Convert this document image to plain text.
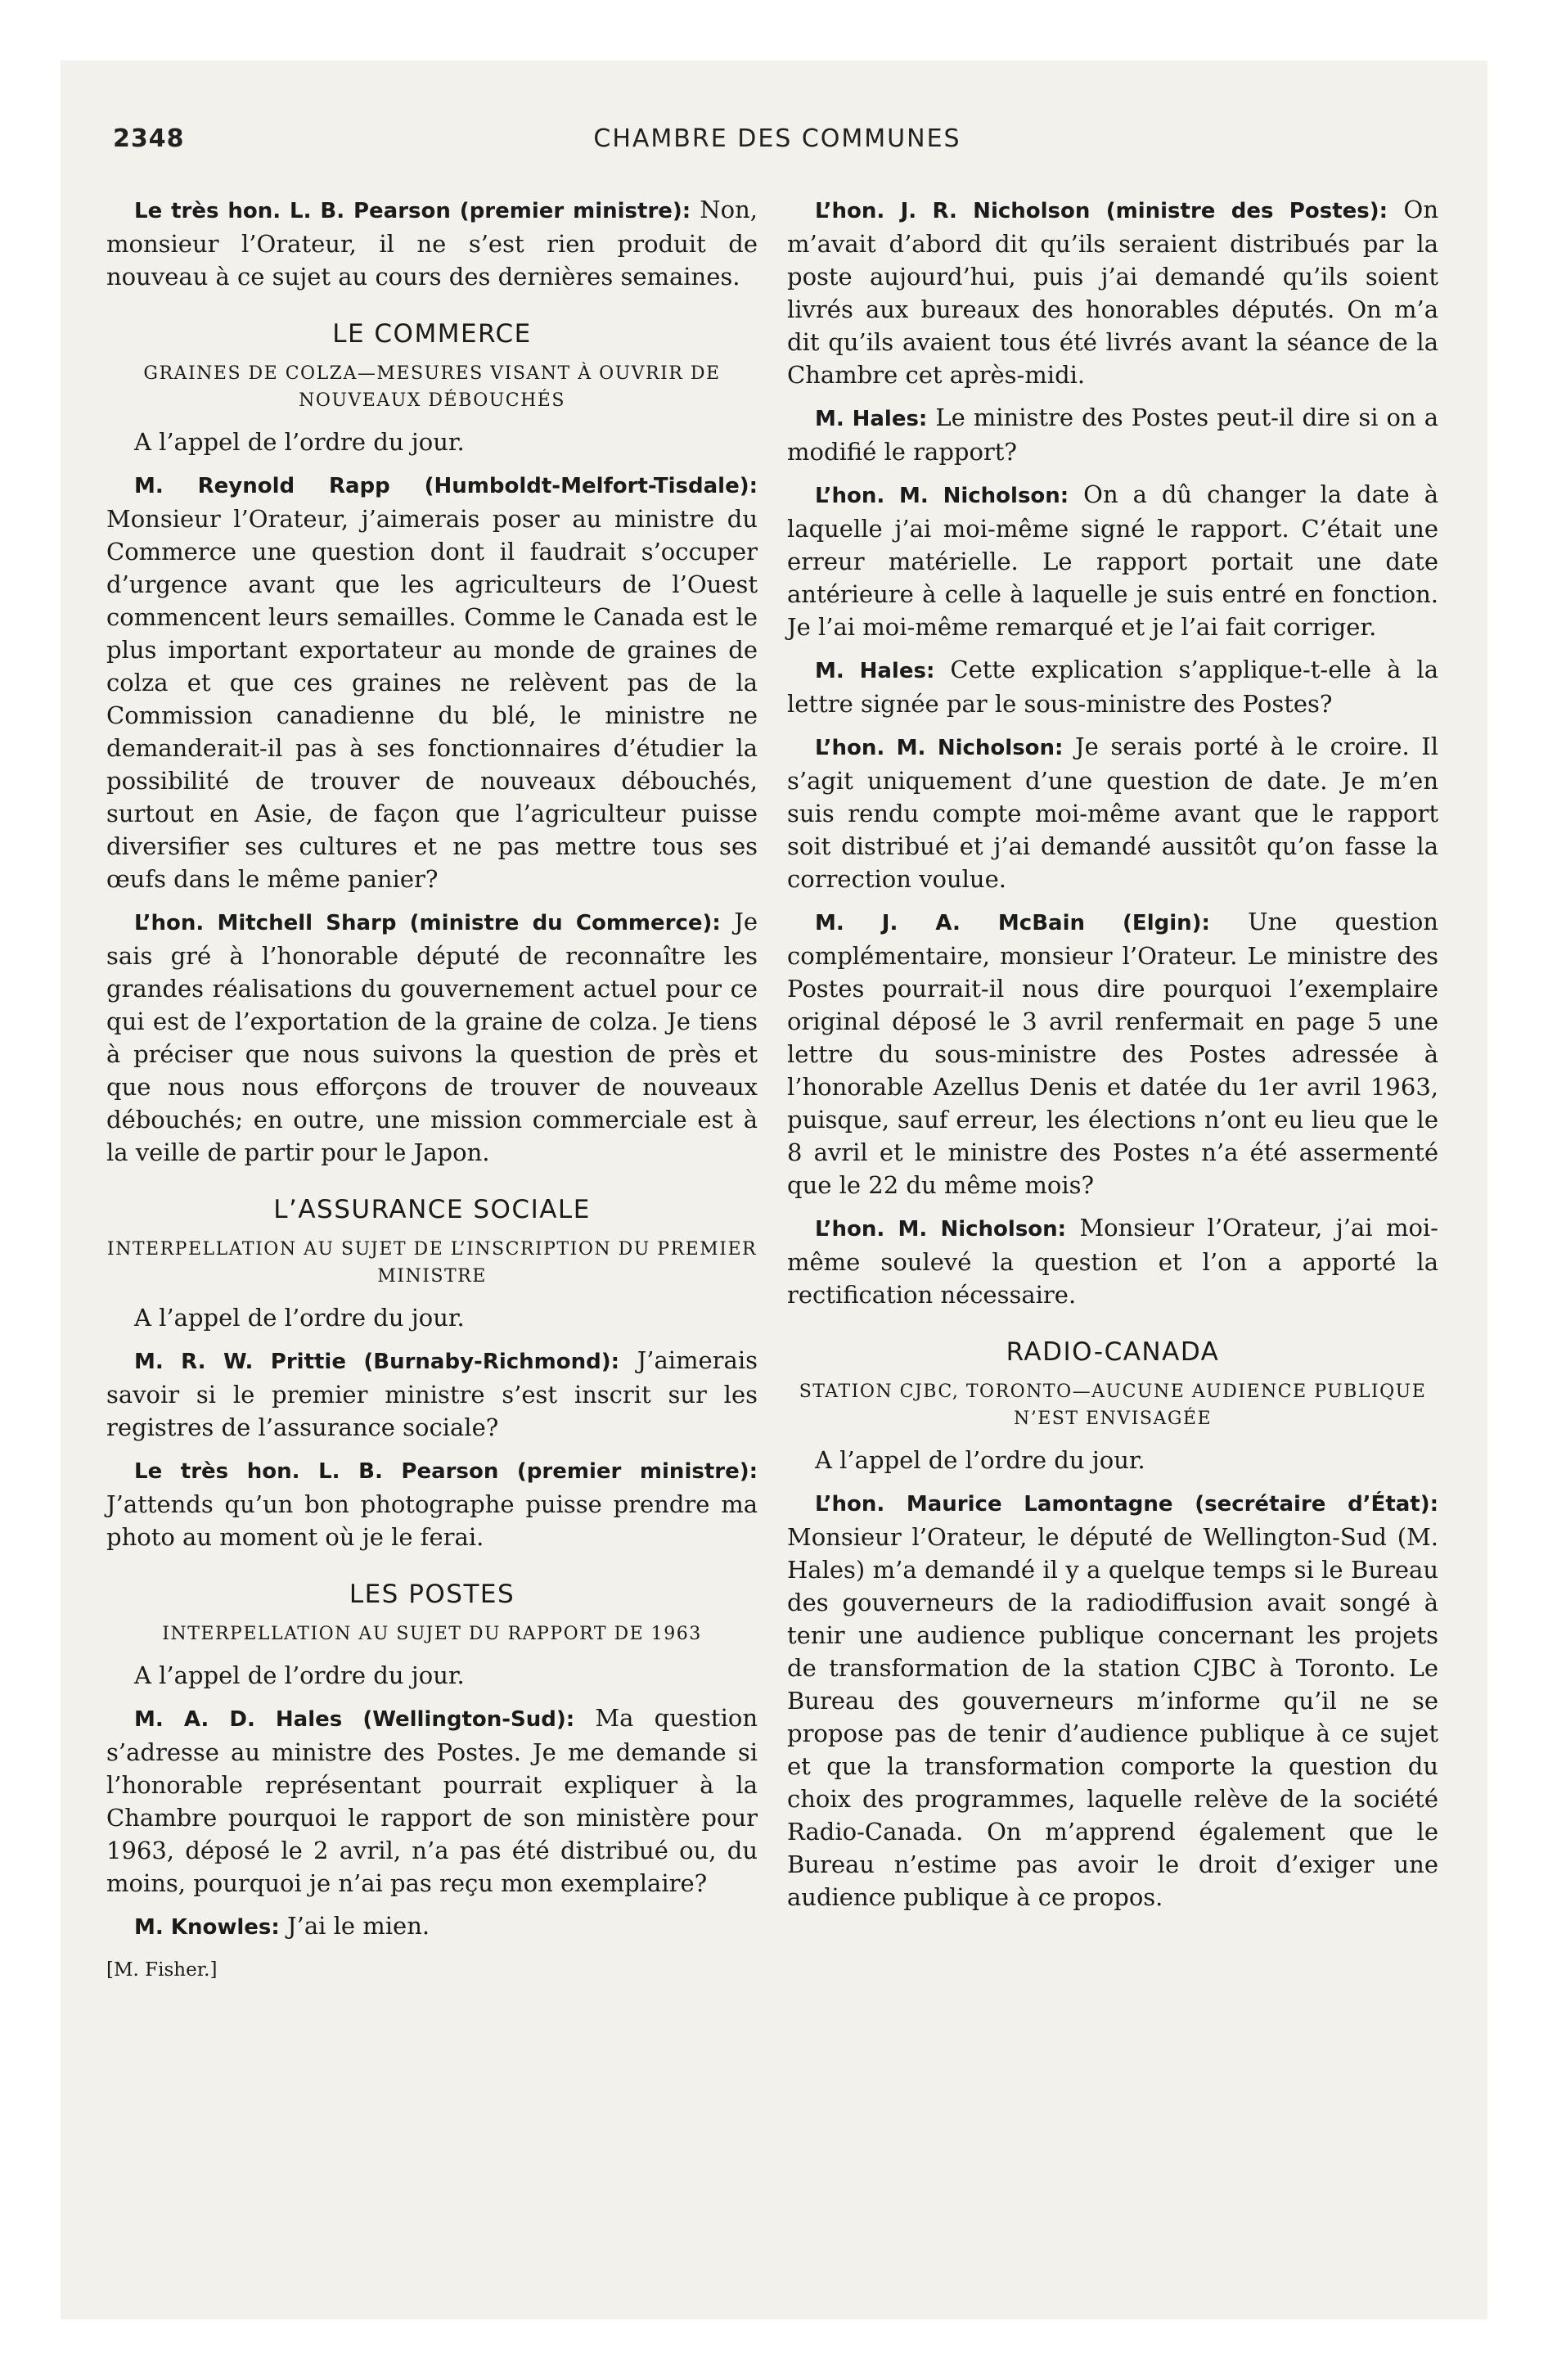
2348	CHAMBRE DES COMMUNES

Le très hon. L. B. Pearson (premier ministre): Non, monsieur l’Orateur, il ne s’est rien produit de nouveau à ce sujet au cours des dernières semaines.

LE COMMERCE
GRAINES DE COLZA—MESURES VISANT À OUVRIR DE NOUVEAUX DÉBOUCHÉS

A l’appel de l’ordre du jour.

M. Reynold Rapp (Humboldt-Melfort-Tisdale): Monsieur l’Orateur, j’aimerais poser au ministre du Commerce une question dont il faudrait s’occuper d’urgence avant que les agriculteurs de l’Ouest commencent leurs semailles. Comme le Canada est le plus important exportateur au monde de graines de colza et que ces graines ne relèvent pas de la Commission canadienne du blé, le ministre ne demanderait-il pas à ses fonctionnaires d’étudier la possibilité de trouver de nouveaux débouchés, surtout en Asie, de façon que l’agriculteur puisse diversifier ses cultures et ne pas mettre tous ses œufs dans le même panier?

L’hon. Mitchell Sharp (ministre du Commerce): Je sais gré à l’honorable député de reconnaître les grandes réalisations du gouvernement actuel pour ce qui est de l’exportation de la graine de colza. Je tiens à préciser que nous suivons la question de près et que nous nous efforçons de trouver de nouveaux débouchés; en outre, une mission commerciale est à la veille de partir pour le Japon.

L’ASSURANCE SOCIALE
INTERPELLATION AU SUJET DE L’INSCRIPTION DU PREMIER MINISTRE

A l’appel de l’ordre du jour.

M. R. W. Prittie (Burnaby-Richmond): J’aimerais savoir si le premier ministre s’est inscrit sur les registres de l’assurance sociale?

Le très hon. L. B. Pearson (premier ministre): J’attends qu’un bon photographe puisse prendre ma photo au moment où je le ferai.

LES POSTES
INTERPELLATION AU SUJET DU RAPPORT DE 1963

A l’appel de l’ordre du jour.

M. A. D. Hales (Wellington-Sud): Ma question s’adresse au ministre des Postes. Je me demande si l’honorable représentant pourrait expliquer à la Chambre pourquoi le rapport de son ministère pour 1963, déposé le 2 avril, n’a pas été distribué ou, du moins, pourquoi je n’ai pas reçu mon exemplaire?

M. Knowles: J’ai le mien.

[M. Fisher.]

L’hon. J. R. Nicholson (ministre des Postes): On m’avait d’abord dit qu’ils seraient distribués par la poste aujourd’hui, puis j’ai demandé qu’ils soient livrés aux bureaux des honorables députés. On m’a dit qu’ils avaient tous été livrés avant la séance de la Chambre cet après-midi.

M. Hales: Le ministre des Postes peut-il dire si on a modifié le rapport?

L’hon. M. Nicholson: On a dû changer la date à laquelle j’ai moi-même signé le rapport. C’était une erreur matérielle. Le rapport portait une date antérieure à celle à laquelle je suis entré en fonction. Je l’ai moi-même remarqué et je l’ai fait corriger.

M. Hales: Cette explication s’applique-t-elle à la lettre signée par le sous-ministre des Postes?

L’hon. M. Nicholson: Je serais porté à le croire. Il s’agit uniquement d’une question de date. Je m’en suis rendu compte moi-même avant que le rapport soit distribué et j’ai demandé aussitôt qu’on fasse la correction voulue.

M. J. A. McBain (Elgin): Une question complémentaire, monsieur l’Orateur. Le ministre des Postes pourrait-il nous dire pourquoi l’exemplaire original déposé le 3 avril renfermait en page 5 une lettre du sous-ministre des Postes adressée à l’honorable Azellus Denis et datée du 1er avril 1963, puisque, sauf erreur, les élections n’ont eu lieu que le 8 avril et le ministre des Postes n’a été assermenté que le 22 du même mois?

L’hon. M. Nicholson: Monsieur l’Orateur, j’ai moi-même soulevé la question et l’on a apporté la rectification nécessaire.

RADIO-CANADA
STATION CJBC, TORONTO—AUCUNE AUDIENCE PUBLIQUE N’EST ENVISAGÉE

A l’appel de l’ordre du jour.

L’hon. Maurice Lamontagne (secrétaire d’État): Monsieur l’Orateur, le député de Wellington-Sud (M. Hales) m’a demandé il y a quelque temps si le Bureau des gouverneurs de la radiodiffusion avait songé à tenir une audience publique concernant les projets de transformation de la station CJBC à Toronto. Le Bureau des gouverneurs m’informe qu’il ne se propose pas de tenir d’audience publique à ce sujet et que la transformation comporte la question du choix des programmes, laquelle relève de la société Radio-Canada. On m’apprend également que le Bureau n’estime pas avoir le droit d’exiger une audience publique à ce propos.
